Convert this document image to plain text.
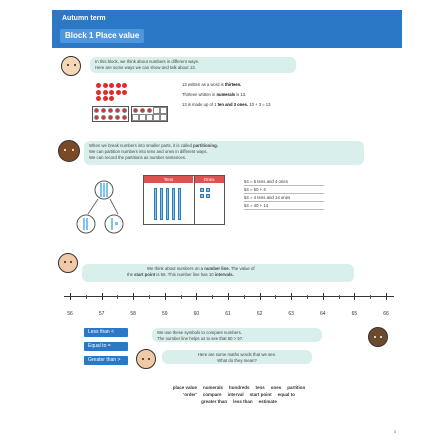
Autumn term
Block 1 Place value
In this block, we think about numbers in different ways.
Here are some ways we can show and talk about 13.
13 written as a word is thirteen.
Thirteen written in numerals is 13.
13 is made up of 1 ten and 3 ones. 10 + 3 = 13
When we break numbers into smaller parts, it is called partitioning.
We can partition numbers into tens and ones in different ways.
We can record the partitions as number sentences.
Tens	Ones	54 = 5 tens and 4 ones
54 = 50 + 4
54 = 4 tens and 14 ones
54 = 40 + 14
We think about numbers on a number line. The value of
the start point is 56. This number line has 10 intervals.
56	57	58	59	60	61	62	63	64	65	66
Less than <
Equal to =
Greater than >
We use these symbols to compare numbers.
The number line helps us to see that 60 > 57.
Here are some maths words that we see.
What do they mean?
place value numerals hundreds tens ones partition
'order' compare interval start point equal to
greater than less than estimate
3
